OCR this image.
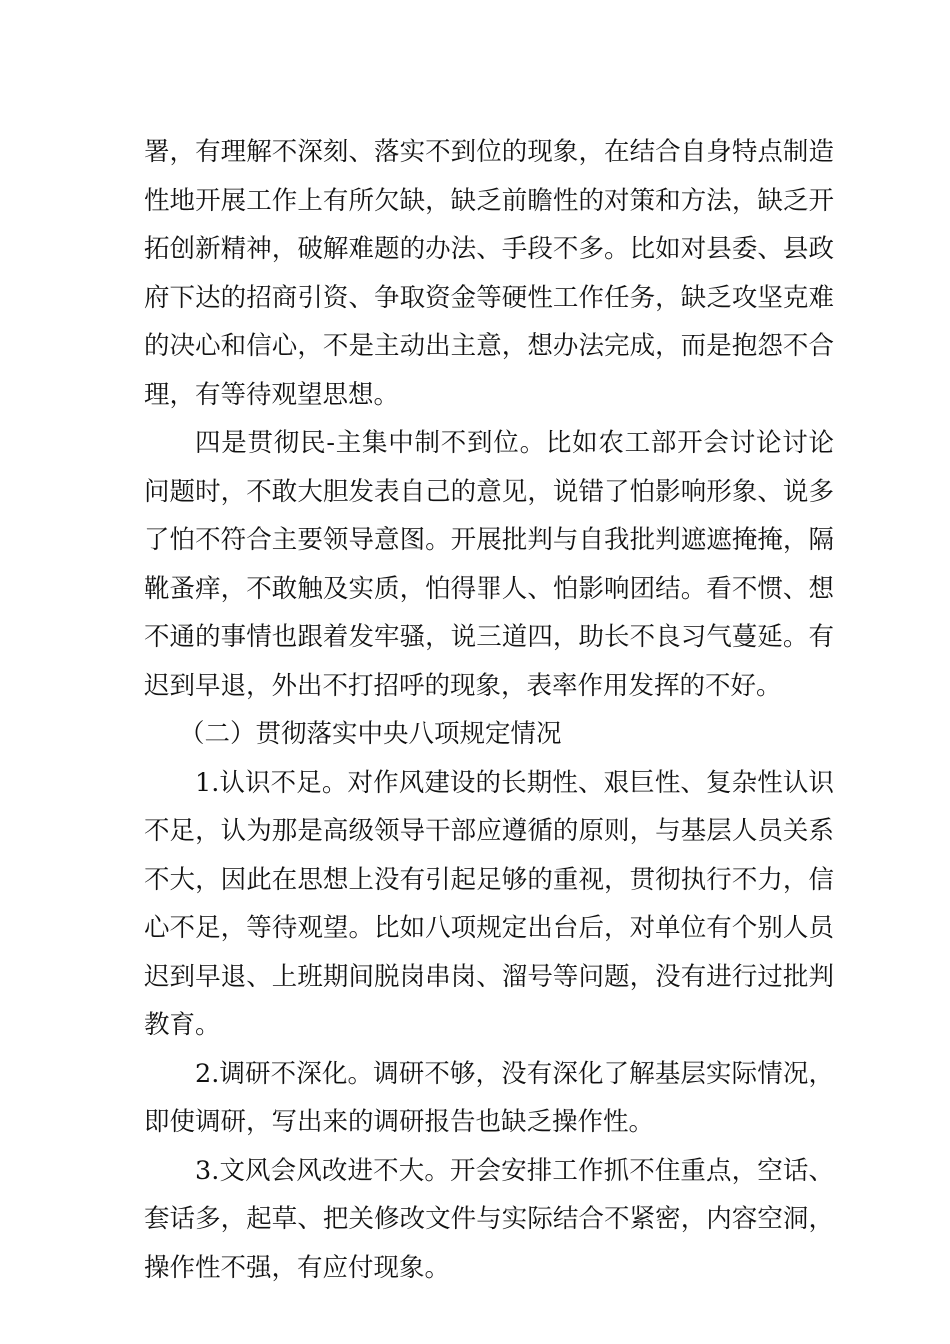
署，有理解不深刻、落实不到位的现象，在结合自身特点制造性地开展工作上有所欠缺，缺乏前瞻性的对策和方法，缺乏开拓创新精神，破解难题的办法、手段不多。比如对县委、县政府下达的招商引资、争取资金等硬性工作任务，缺乏攻坚克难的决心和信心，不是主动出主意，想办法完成，而是抱怨不合理，有等待观望思想。

四是贯彻民-主集中制不到位。比如农工部开会讨论讨论问题时，不敢大胆发表自己的意见，说错了怕影响形象、说多了怕不符合主要领导意图。开展批判与自我批判遮遮掩掩，隔靴蚤痒，不敢触及实质，怕得罪人、怕影响团结。看不惯、想不通的事情也跟着发牢骚，说三道四，助长不良习气蔓延。有迟到早退，外出不打招呼的现象，表率作用发挥的不好。

（二）贯彻落实中央八项规定情况

1.认识不足。对作风建设的长期性、艰巨性、复杂性认识不足，认为那是高级领导干部应遵循的原则，与基层人员关系不大，因此在思想上没有引起足够的重视，贯彻执行不力，信心不足，等待观望。比如八项规定出台后，对单位有个别人员迟到早退、上班期间脱岗串岗、溜号等问题，没有进行过批判教育。

2.调研不深化。调研不够，没有深化了解基层实际情况，即使调研，写出来的调研报告也缺乏操作性。

3.文风会风改进不大。开会安排工作抓不住重点，空话、套话多，起草、把关修改文件与实际结合不紧密，内容空洞，操作性不强，有应付现象。
